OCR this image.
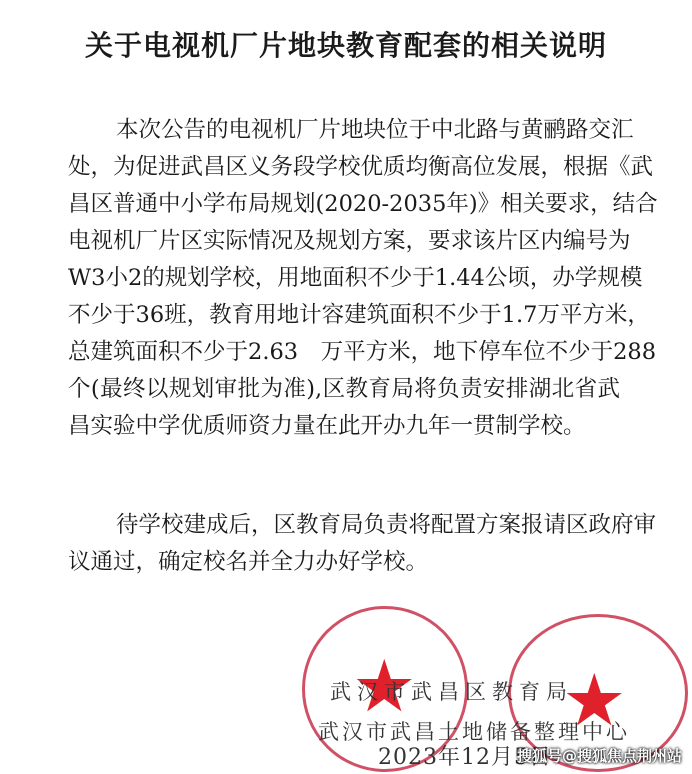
关于电视机厂片地块教育配套的相关说明
本次公告的电视机厂片地块位于中北路与黄鹂路交汇
处，为促进武昌区义务段学校优质均衡高位发展，根据《武
昌区普通中小学布局规划(2020-2035年)》相关要求，结合
电视机厂片区实际情况及规划方案，要求该片区内编号为
W3小2的规划学校，用地面积不少于1.44公顷，办学规模
不少于36班，教育用地计容建筑面积不少于1.7万平方米，
总建筑面积不少于2.63　万平方米，地下停车位不少于288
个(最终以规划审批为准),区教育局将负责安排湖北省武
昌实验中学优质师资力量在此开办九年一贯制学校。
待学校建成后，区教育局负责将配置方案报请区政府审
议通过，确定校名并全力办好学校。
★ ★
武汉市武昌区教育局
武汉市武昌土地储备整理中心
2023年12月5日
搜狐号@搜狐焦点荆州站
